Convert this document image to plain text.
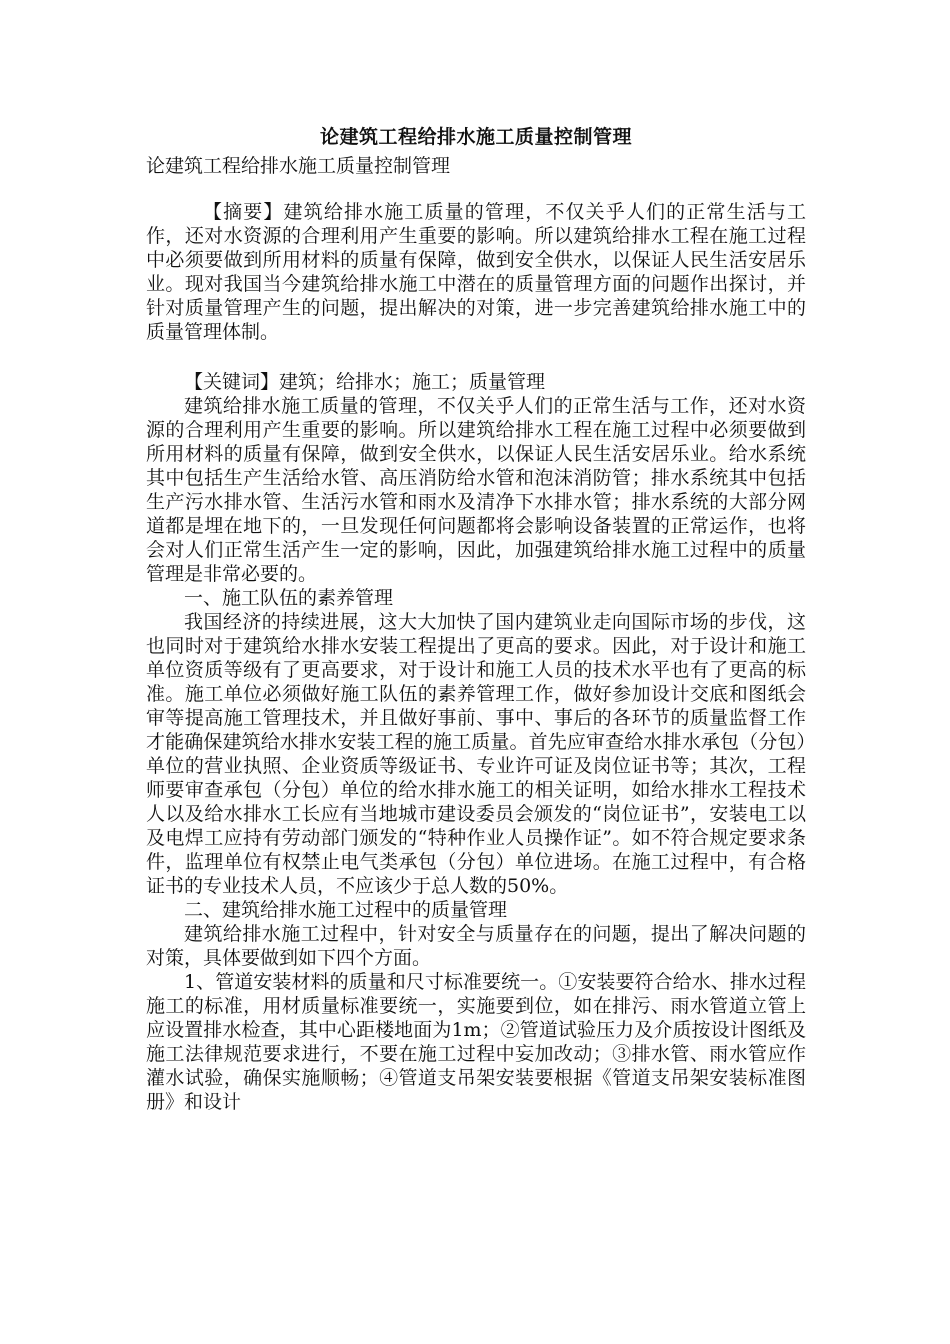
论建筑工程给排水施工质量控制管理

论建筑工程给排水施工质量控制管理

【摘要】建筑给排水施工质量的管理，不仅关乎人们的正常生活与工作，还对水资源的合理利用产生重要的影响。所以建筑给排水工程在施工过程中必须要做到所用材料的质量有保障，做到安全供水，以保证人民生活安居乐业。现对我国当今建筑给排水施工中潜在的质量管理方面的问题作出探讨，并针对质量管理产生的问题，提出解决的对策，进一步完善建筑给排水施工中的质量管理体制。

【关键词】建筑；给排水；施工；质量管理

建筑给排水施工质量的管理，不仅关乎人们的正常生活与工作，还对水资源的合理利用产生重要的影响。所以建筑给排水工程在施工过程中必须要做到所用材料的质量有保障，做到安全供水，以保证人民生活安居乐业。给水系统其中包括生产生活给水管、高压消防给水管和泡沫消防管；排水系统其中包括生产污水排水管、生活污水管和雨水及清净下水排水管；排水系统的大部分网道都是埋在地下的，一旦发现任何问题都将会影响设备装置的正常运作，也将会对人们正常生活产生一定的影响，因此，加强建筑给排水施工过程中的质量管理是非常必要的。

一、施工队伍的素养管理

我国经济的持续进展，这大大加快了国内建筑业走向国际市场的步伐，这也同时对于建筑给水排水安装工程提出了更高的要求。因此，对于设计和施工单位资质等级有了更高要求，对于设计和施工人员的技术水平也有了更高的标准。施工单位必须做好施工队伍的素养管理工作，做好参加设计交底和图纸会审等提高施工管理技术，并且做好事前、事中、事后的各环节的质量监督工作才能确保建筑给水排水安装工程的施工质量。首先应审查给水排水承包（分包）单位的营业执照、企业资质等级证书、专业许可证及岗位证书等；其次，工程师要审查承包（分包）单位的给水排水施工的相关证明，如给水排水工程技术人以及给水排水工长应有当地城市建设委员会颁发的“岗位证书”，安装电工以及电焊工应持有劳动部门颁发的“特种作业人员操作证”。如不符合规定要求条件，监理单位有权禁止电气类承包（分包）单位进场。在施工过程中，有合格证书的专业技术人员，不应该少于总人数的50%。

二、建筑给排水施工过程中的质量管理

建筑给排水施工过程中，针对安全与质量存在的问题，提出了解决问题的对策，具体要做到如下四个方面。

1、管道安装材料的质量和尺寸标准要统一。①安装要符合给水、排水过程施工的标准，用材质量标准要统一，实施要到位，如在排污、雨水管道立管上应设置排水检查，其中心距楼地面为1m；②管道试验压力及介质按设计图纸及施工法律规范要求进行，不要在施工过程中妄加改动；③排水管、雨水管应作灌水试验，确保实施顺畅；④管道支吊架安装要根据《管道支吊架安装标准图册》和设计
